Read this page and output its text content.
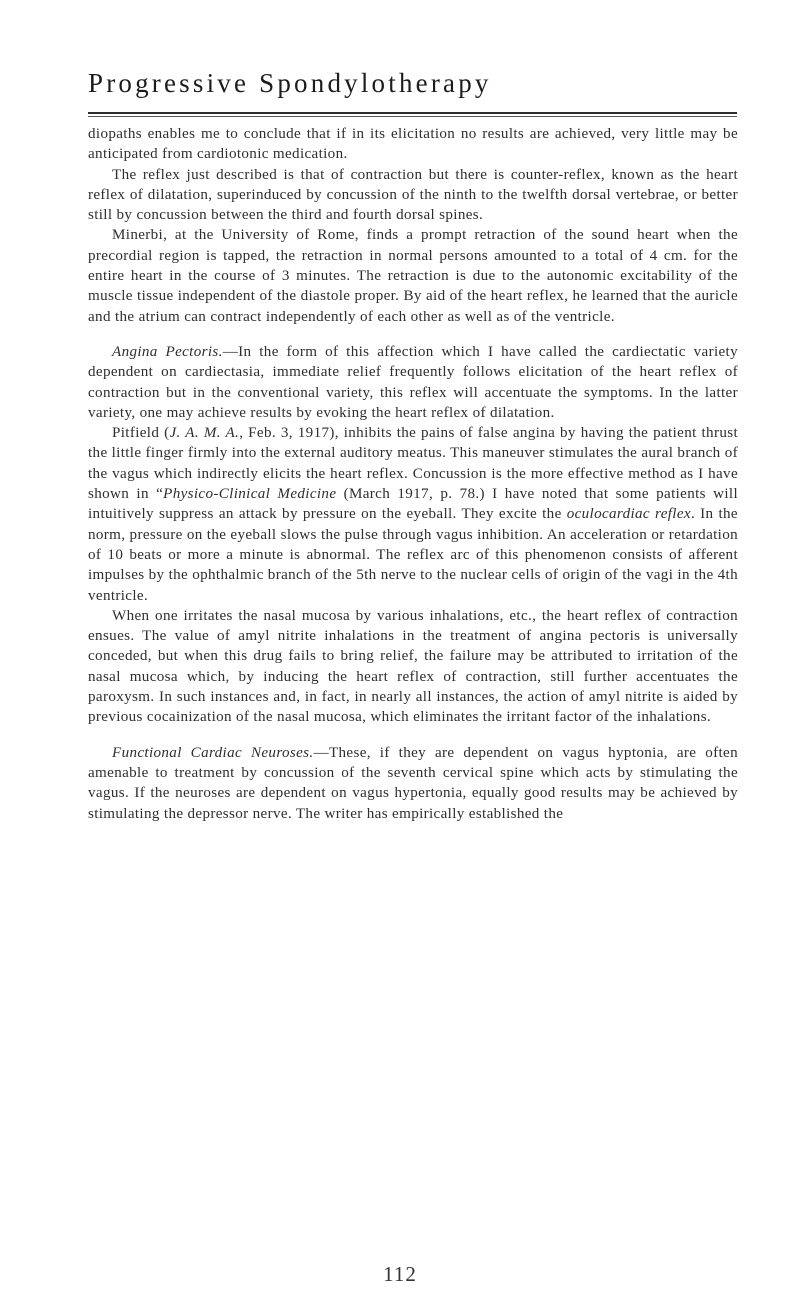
Progressive Spondylotherapy

diopaths enables me to conclude that if in its elicitation no results are achieved, very little may be anticipated from cardiotonic medication.

The reflex just described is that of contraction but there is counter-reflex, known as the heart reflex of dilatation, superinduced by concussion of the ninth to the twelfth dorsal vertebrae, or better still by concussion between the third and fourth dorsal spines.

Minerbi, at the University of Rome, finds a prompt retraction of the sound heart when the precordial region is tapped, the retraction in normal persons amounted to a total of 4 cm. for the entire heart in the course of 3 minutes. The retraction is due to the autonomic excitability of the muscle tissue independent of the diastole proper. By aid of the heart reflex, he learned that the auricle and the atrium can contract independently of each other as well as of the ventricle.

Angina Pectoris.—In the form of this affection which I have called the cardiectatic variety dependent on cardiectasia, immediate relief frequently follows elicitation of the heart reflex of contraction but in the conventional variety, this reflex will accentuate the symptoms. In the latter variety, one may achieve results by evoking the heart reflex of dilatation.

Pitfield (J. A. M. A., Feb. 3, 1917), inhibits the pains of false angina by having the patient thrust the little finger firmly into the external auditory meatus. This maneuver stimulates the aural branch of the vagus which indirectly elicits the heart reflex. Concussion is the more effective method as I have shown in “Physico-Clinical Medicine (March 1917, p. 78.) I have noted that some patients will intuitively suppress an attack by pressure on the eyeball. They excite the oculocardiac reflex. In the norm, pressure on the eyeball slows the pulse through vagus inhibition. An acceleration or retardation of 10 beats or more a minute is abnormal. The reflex arc of this phenomenon consists of afferent impulses by the ophthalmic branch of the 5th nerve to the nuclear cells of origin of the vagi in the 4th ventricle.

When one irritates the nasal mucosa by various inhalations, etc., the heart reflex of contraction ensues. The value of amyl nitrite inhalations in the treatment of angina pectoris is universally conceded, but when this drug fails to bring relief, the failure may be attributed to irritation of the nasal mucosa which, by inducing the heart reflex of contraction, still further accentuates the paroxysm. In such instances and, in fact, in nearly all instances, the action of amyl nitrite is aided by previous cocainization of the nasal mucosa, which eliminates the irritant factor of the inhalations.

Functional Cardiac Neuroses.—These, if they are dependent on vagus hyptonia, are often amenable to treatment by concussion of the seventh cervical spine which acts by stimulating the vagus. If the neuroses are dependent on vagus hypertonia, equally good results may be achieved by stimulating the depressor nerve. The writer has empirically established the

112
